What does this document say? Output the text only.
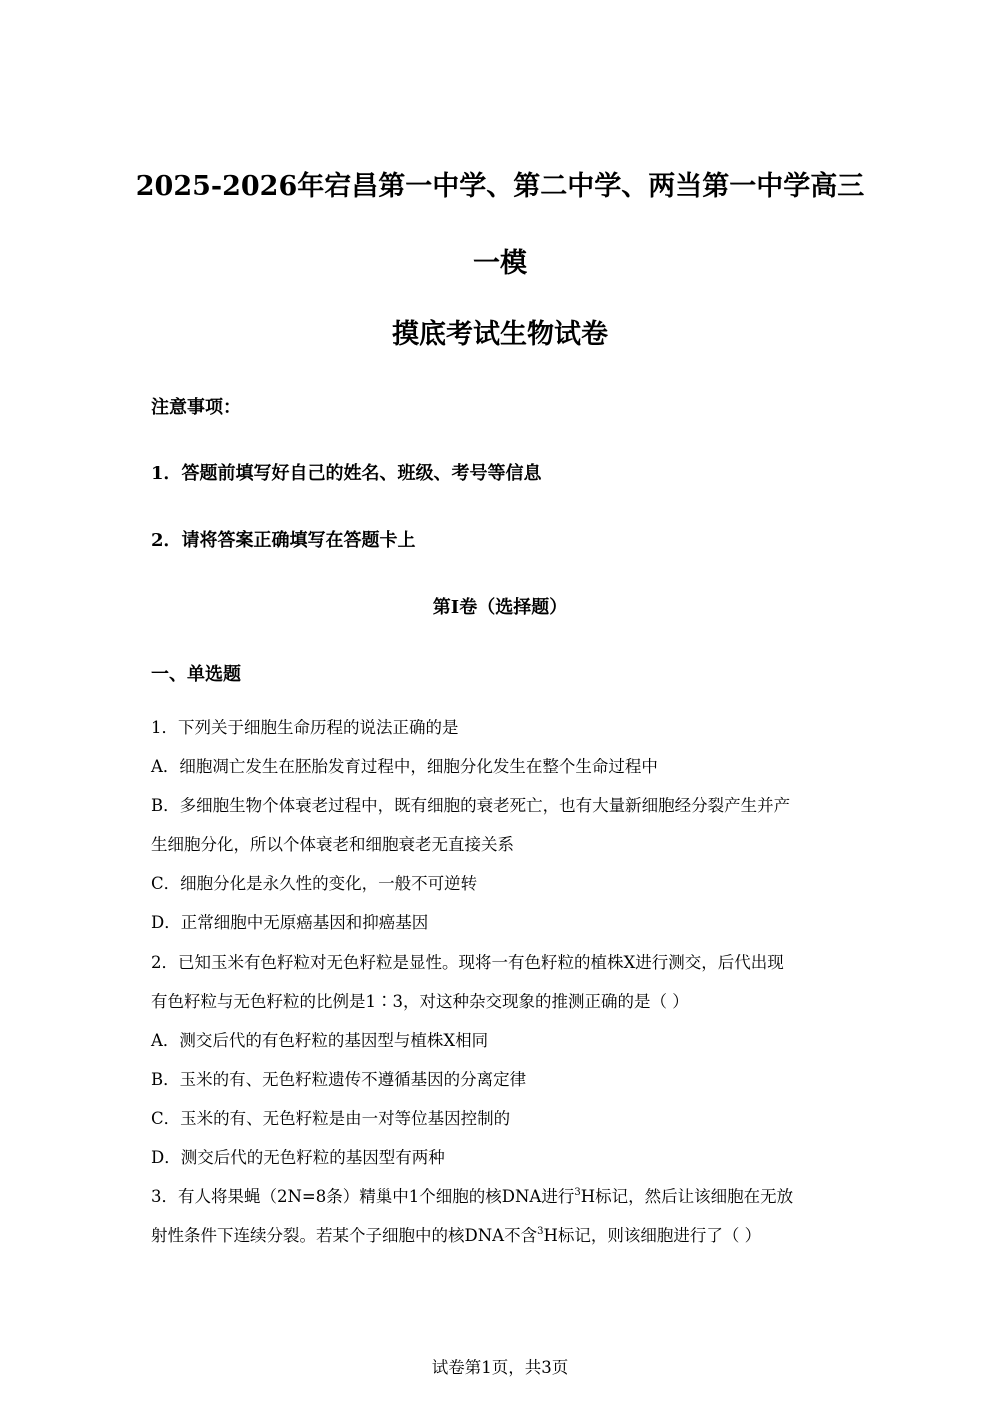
2025-2026年宕昌第一中学、第二中学、两当第一中学高三
一模
摸底考试生物试卷
注意事项：
1．答题前填写好自己的姓名、班级、考号等信息
2．请将答案正确填写在答题卡上
第I卷（选择题）
一、单选题
1．下列关于细胞生命历程的说法正确的是
A．细胞凋亡发生在胚胎发育过程中，细胞分化发生在整个生命过程中
B．多细胞生物个体衰老过程中，既有细胞的衰老死亡，也有大量新细胞经分裂产生并产
生细胞分化，所以个体衰老和细胞衰老无直接关系
C．细胞分化是永久性的变化，一般不可逆转
D．正常细胞中无原癌基因和抑癌基因
2．已知玉米有色籽粒对无色籽粒是显性。现将一有色籽粒的植株X进行测交，后代出现
有色籽粒与无色籽粒的比例是1∶3，对这种杂交现象的推测正确的是（ ）
A．测交后代的有色籽粒的基因型与植株X相同
B．玉米的有、无色籽粒遗传不遵循基因的分离定律
C．玉米的有、无色籽粒是由一对等位基因控制的
D．测交后代的无色籽粒的基因型有两种
3．有人将果蝇（2N=8条）精巢中1个细胞的核DNA进行$^3$H标记，然后让该细胞在无放
射性条件下连续分裂。若某个子细胞中的核DNA不含$^3$H标记，则该细胞进行了（ ）
试卷第1页，共3页
